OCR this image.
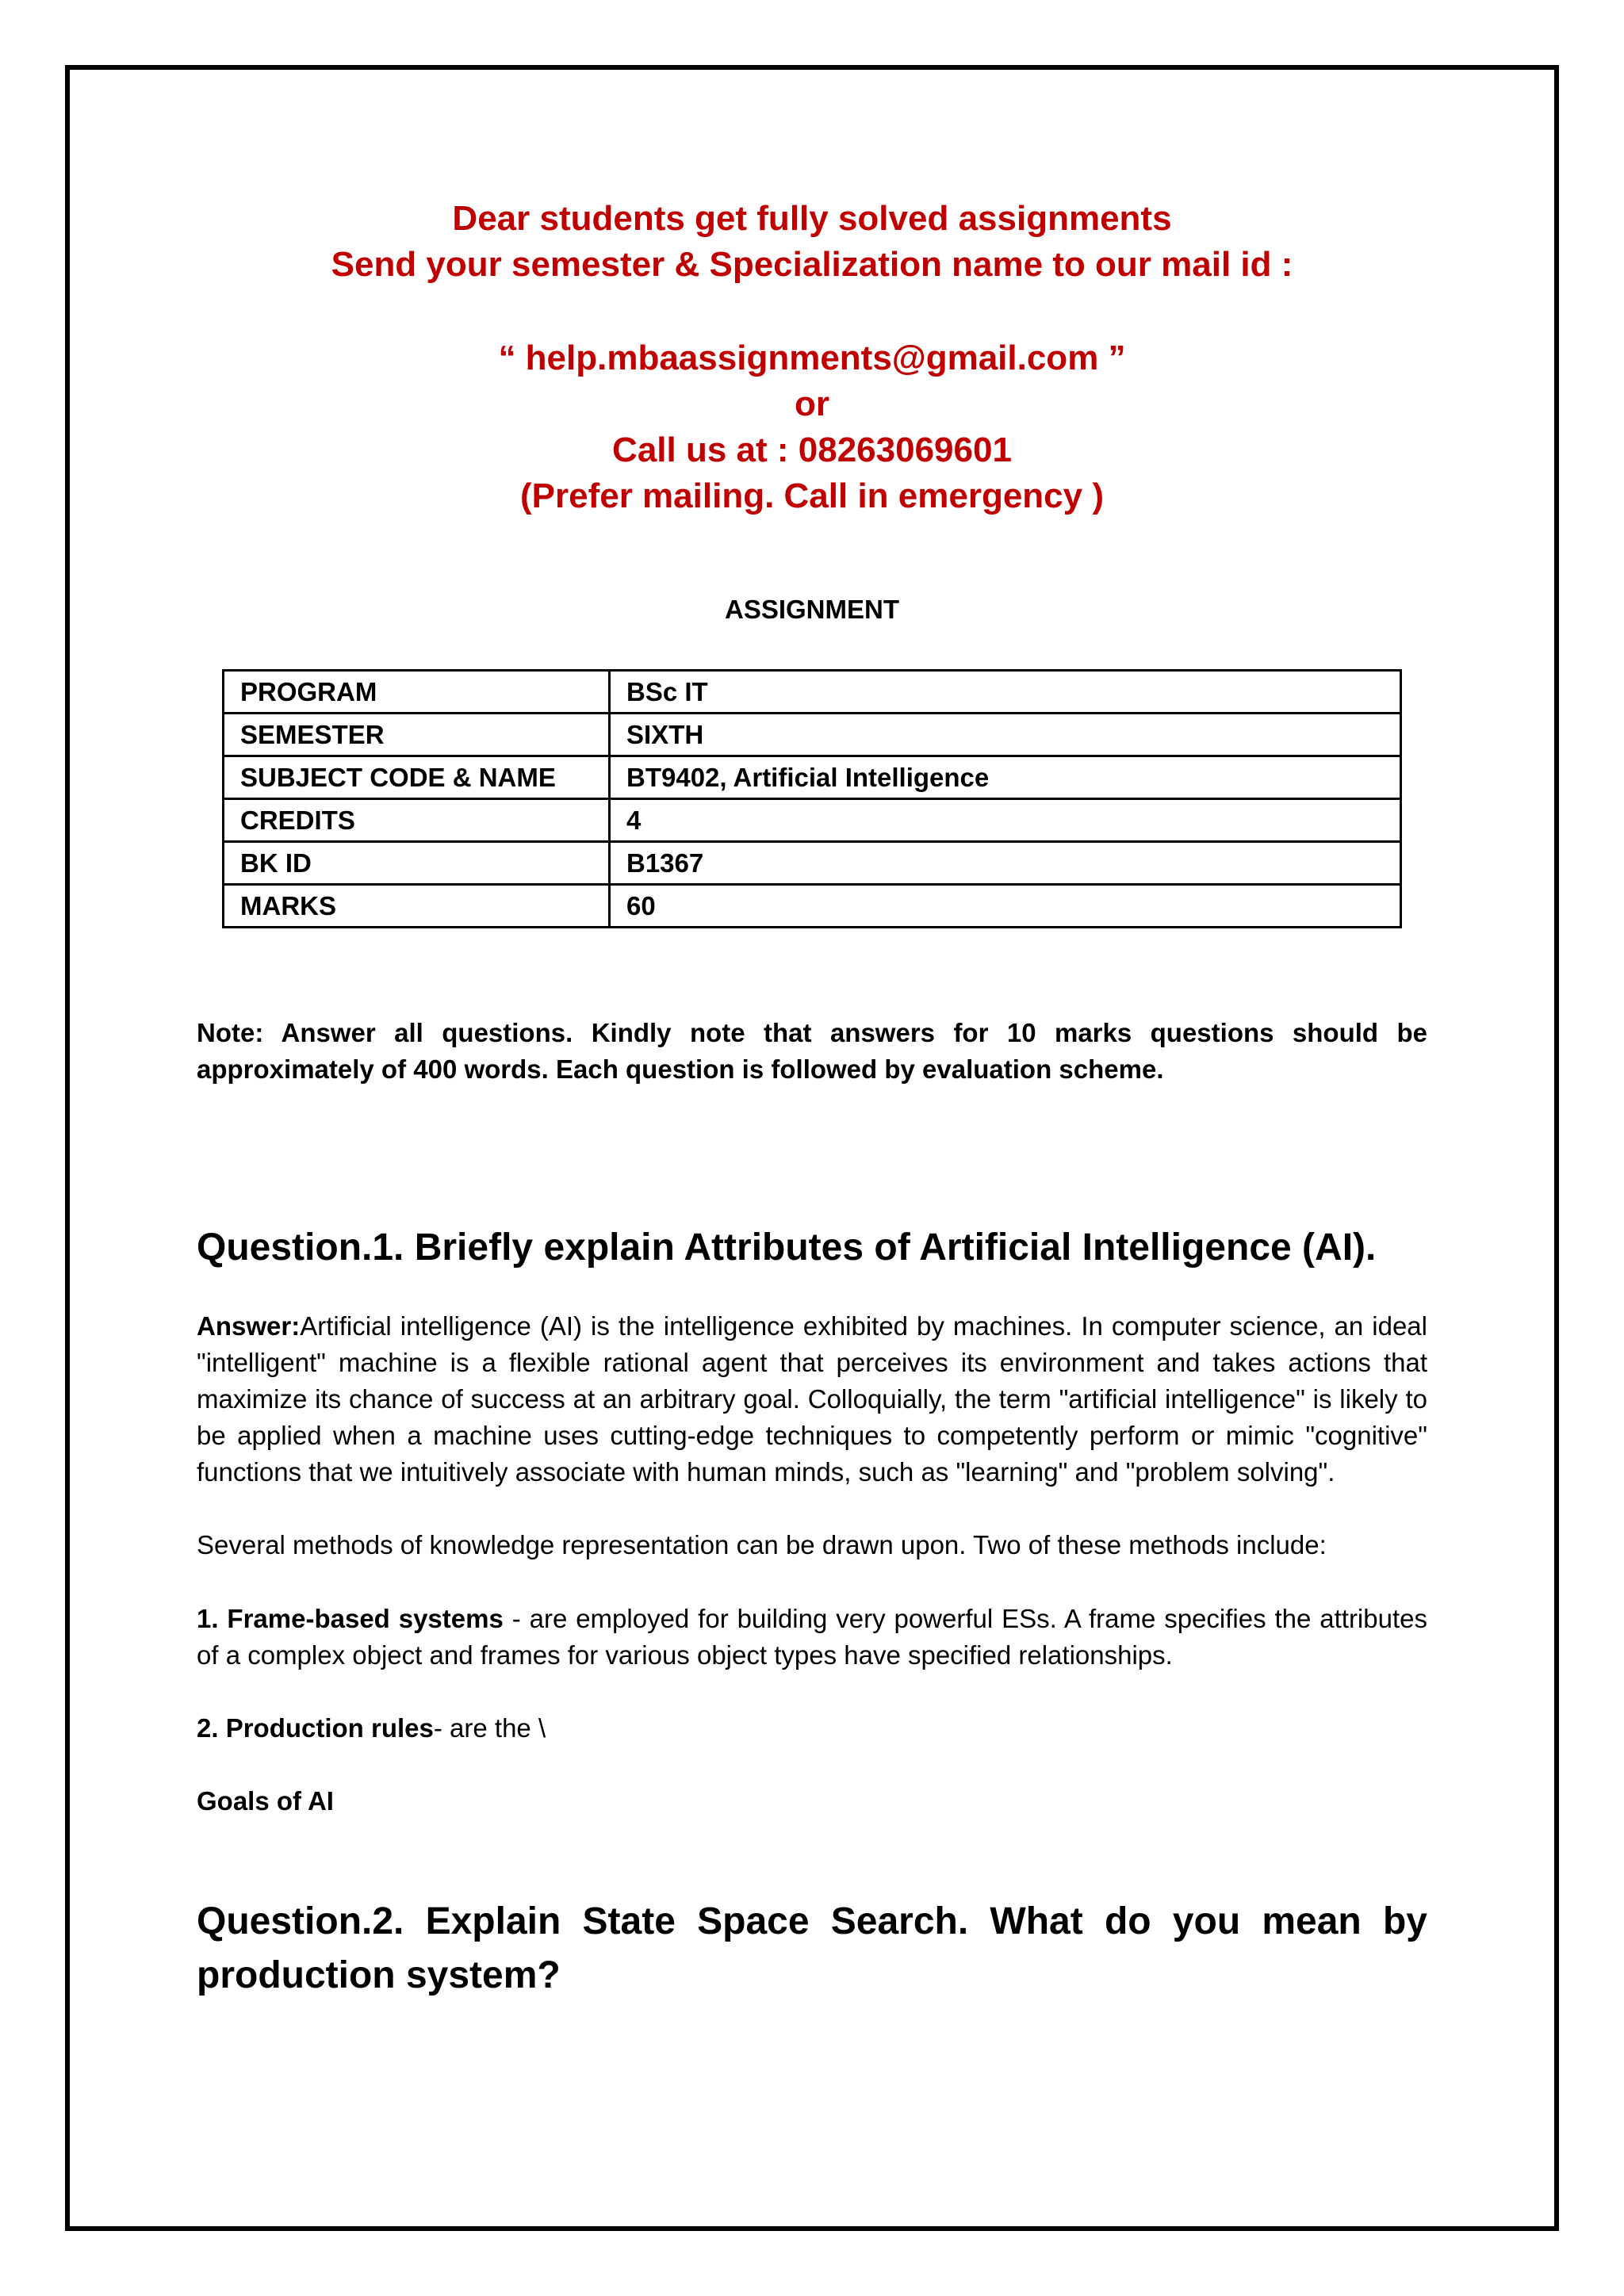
Dear students get fully solved assignments
Send your semester & Specialization name to our mail id :
“ help.mbaassignments@gmail.com ”
or
Call us at : 08263069601
(Prefer mailing. Call in emergency )
ASSIGNMENT
PROGRAM	BSc IT
SEMESTER	SIXTH
SUBJECT CODE & NAME	BT9402, Artificial Intelligence
CREDITS	4
BK ID	B1367
MARKS	60
Note: Answer all questions. Kindly note that answers for 10 marks questions should be approximately of 400 words. Each question is followed by evaluation scheme.
Question.1. Briefly explain Attributes of Artificial Intelligence (AI).
Answer:Artificial intelligence (AI) is the intelligence exhibited by machines. In computer science, an ideal "intelligent" machine is a flexible rational agent that perceives its environment and takes actions that maximize its chance of success at an arbitrary goal. Colloquially, the term "artificial intelligence" is likely to be applied when a machine uses cutting-edge techniques to competently perform or mimic "cognitive" functions that we intuitively associate with human minds, such as "learning" and "problem solving".
Several methods of knowledge representation can be drawn upon. Two of these methods include:
1. Frame-based systems - are employed for building very powerful ESs. A frame specifies the attributes of a complex object and frames for various object types have specified relationships.
2. Production rules- are the \
Goals of AI
Question.2. Explain State Space Search. What do you mean by production system?
